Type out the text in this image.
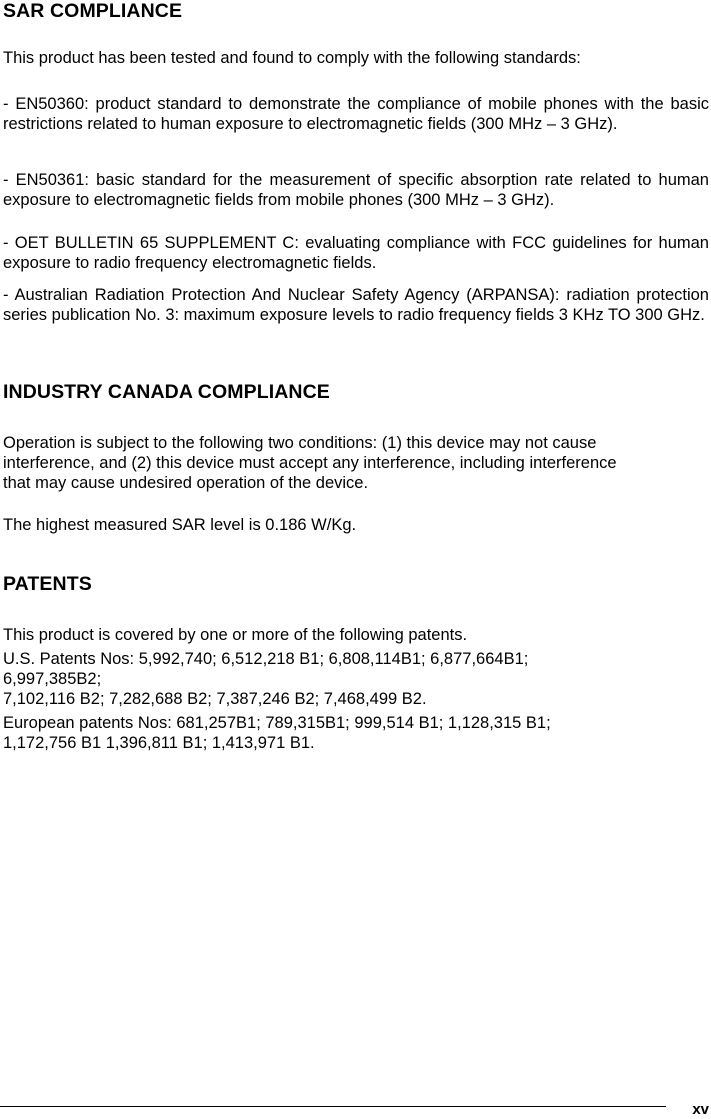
SAR COMPLIANCE

This product has been tested and found to comply with the following standards:

- EN50360: product standard to demonstrate the compliance of mobile phones with the basic restrictions related to human exposure to electromagnetic fields (300 MHz – 3 GHz).

- EN50361: basic standard for the measurement of specific absorption rate related to human exposure to electromagnetic fields from mobile phones (300 MHz – 3 GHz).

- OET BULLETIN 65 SUPPLEMENT C: evaluating compliance with FCC guidelines for human exposure to radio frequency electromagnetic fields.

- Australian Radiation Protection And Nuclear Safety Agency (ARPANSA): radiation protection series publication No. 3: maximum exposure levels to radio frequency fields 3 KHz TO 300 GHz.

INDUSTRY CANADA COMPLIANCE

Operation is subject to the following two conditions: (1) this device may not cause

interference, and (2) this device must accept any interference, including interference

that may cause undesired operation of the device.

The highest measured SAR level is 0.186 W/Kg.

PATENTS

This product is covered by one or more of the following patents.

U.S. Patents Nos: 5,992,740; 6,512,218 B1; 6,808,114B1; 6,877,664B1;

6,997,385B2;

7,102,116 B2; 7,282,688 B2; 7,387,246 B2; 7,468,499 B2.

European patents Nos: 681,257B1; 789,315B1; 999,514 B1; 1,128,315 B1;

1,172,756 B1 1,396,811 B1; 1,413,971 B1.

xv
